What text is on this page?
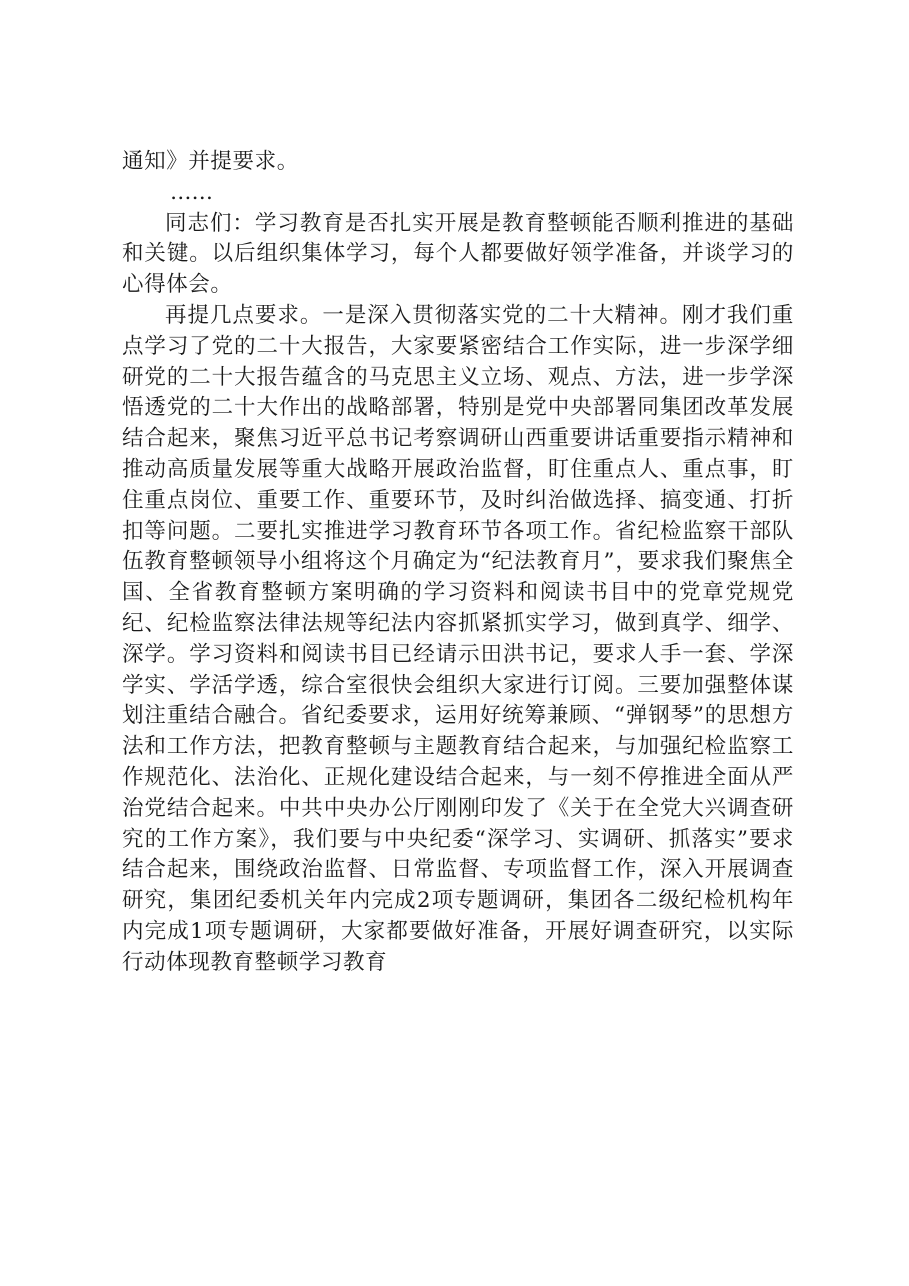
通知》并提要求。

……

同志们：学习教育是否扎实开展是教育整顿能否顺利推进的基础和关键。以后组织集体学习，每个人都要做好领学准备，并谈学习的心得体会。

再提几点要求。一是深入贯彻落实党的二十大精神。刚才我们重点学习了党的二十大报告，大家要紧密结合工作实际，进一步深学细研党的二十大报告蕴含的马克思主义立场、观点、方法，进一步学深悟透党的二十大作出的战略部署，特别是党中央部署同集团改革发展结合起来，聚焦习近平总书记考察调研山西重要讲话重要指示精神和推动高质量发展等重大战略开展政治监督，盯住重点人、重点事，盯住重点岗位、重要工作、重要环节，及时纠治做选择、搞变通、打折扣等问题。二要扎实推进学习教育环节各项工作。省纪检监察干部队伍教育整顿领导小组将这个月确定为“纪法教育月”，要求我们聚焦全国、全省教育整顿方案明确的学习资料和阅读书目中的党章党规党纪、纪检监察法律法规等纪法内容抓紧抓实学习，做到真学、细学、深学。学习资料和阅读书目已经请示田洪书记，要求人手一套、学深学实、学活学透，综合室很快会组织大家进行订阅。三要加强整体谋划注重结合融合。省纪委要求，运用好统筹兼顾、“弹钢琴”的思想方法和工作方法，把教育整顿与主题教育结合起来，与加强纪检监察工作规范化、法治化、正规化建设结合起来，与一刻不停推进全面从严治党结合起来。中共中央办公厅刚刚印发了《关于在全党大兴调查研究的工作方案》，我们要与中央纪委“深学习、实调研、抓落实”要求结合起来，围绕政治监督、日常监督、专项监督工作，深入开展调查研究，集团纪委机关年内完成2项专题调研，集团各二级纪检机构年内完成1项专题调研，大家都要做好准备，开展好调查研究，以实际行动体现教育整顿学习教育
